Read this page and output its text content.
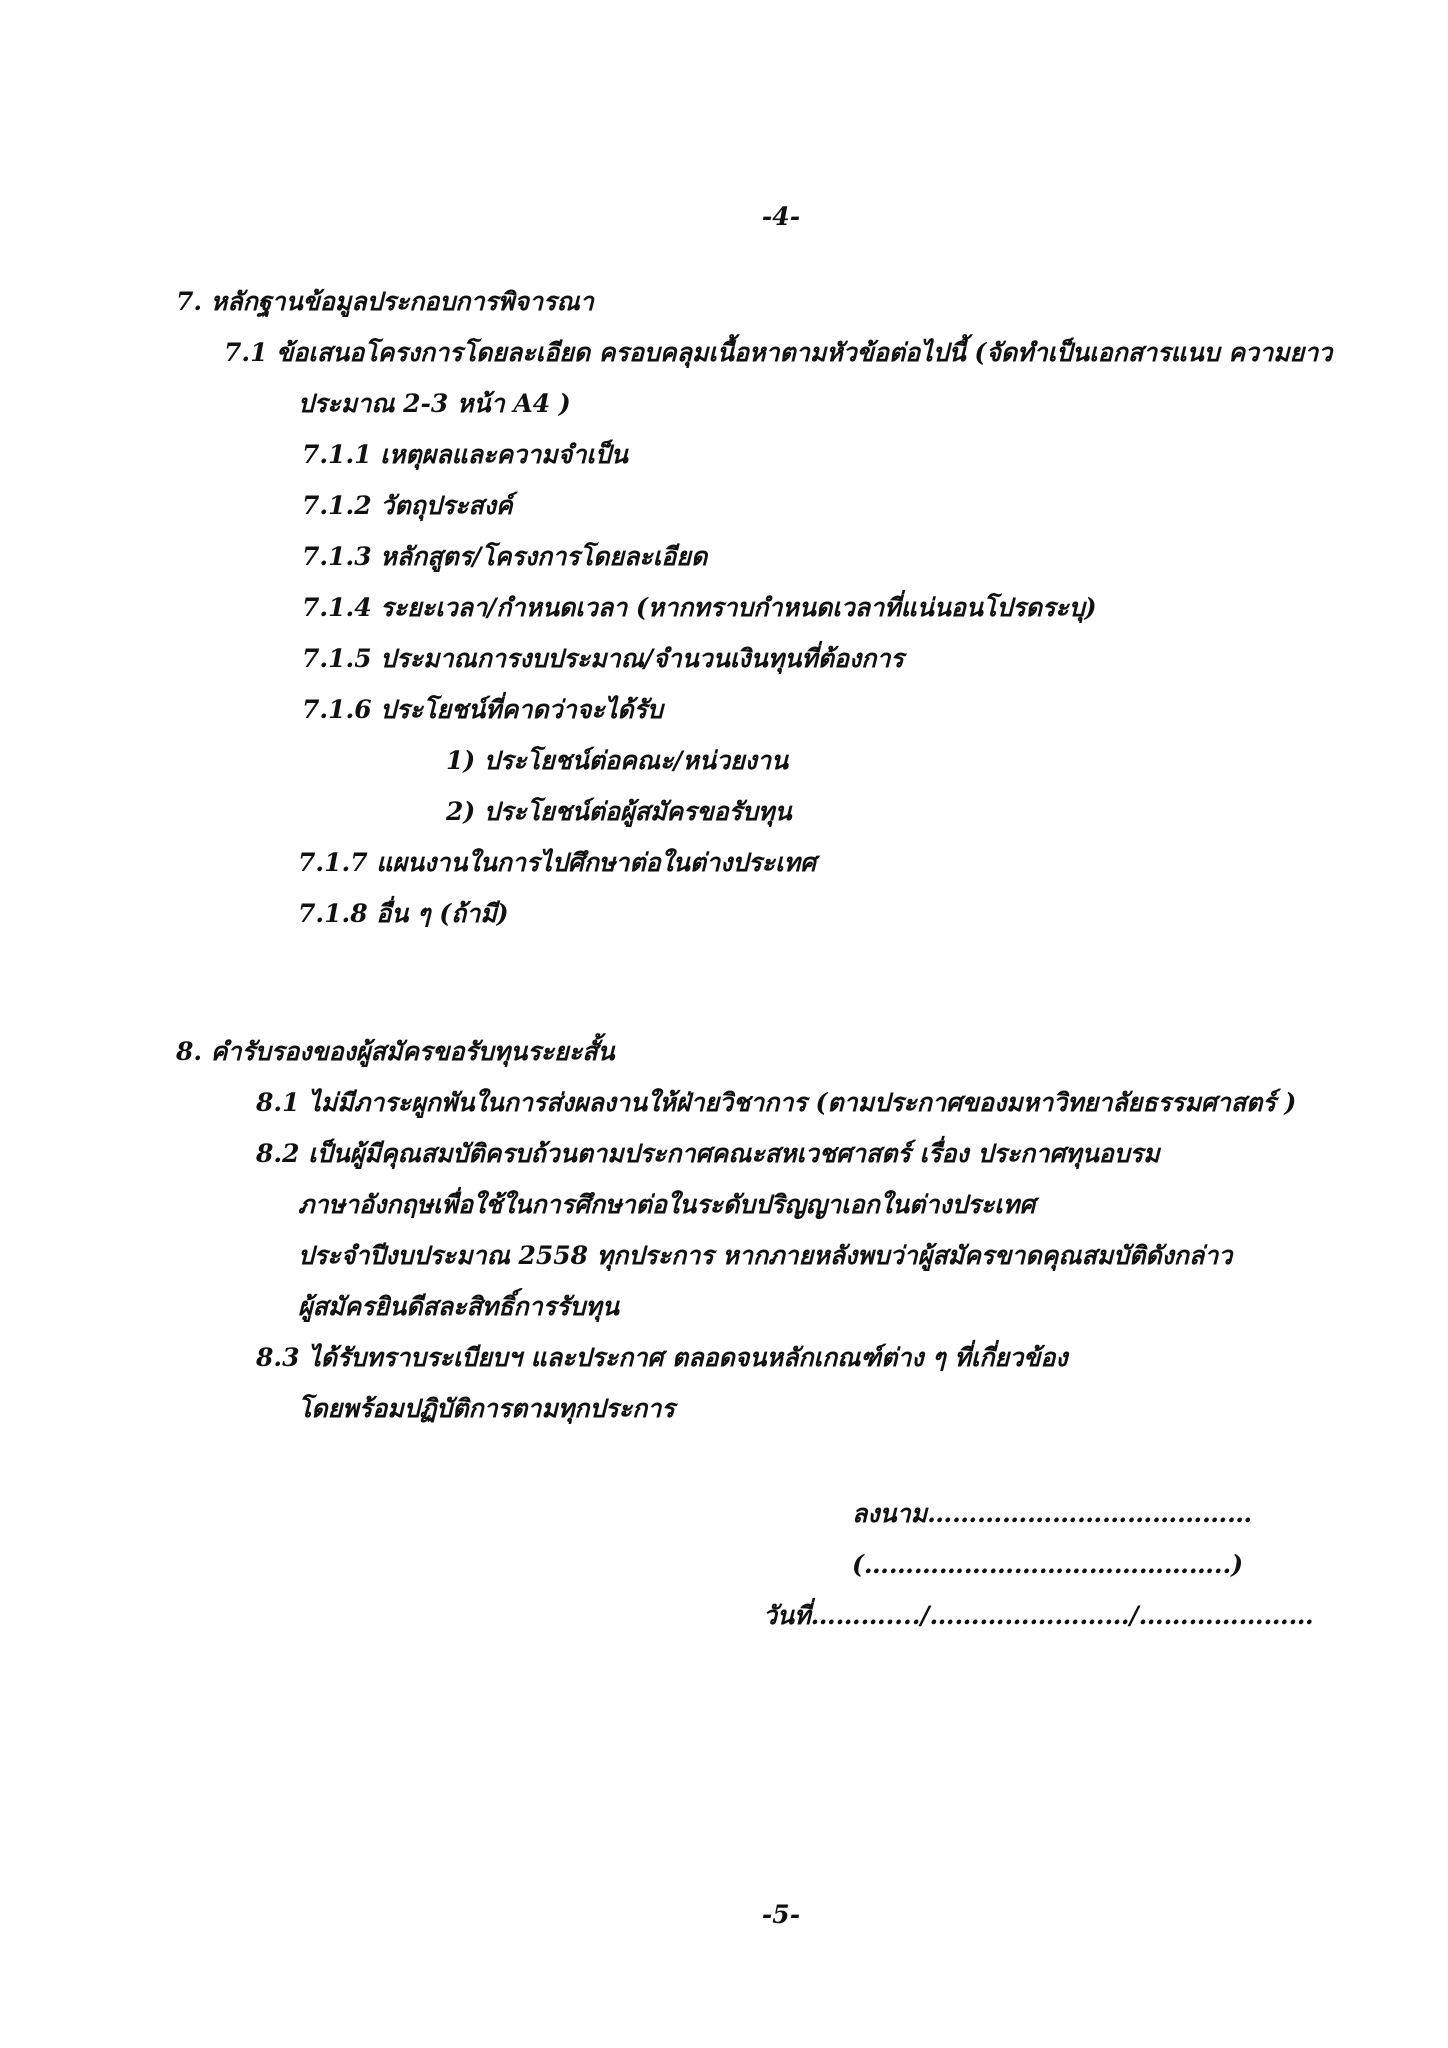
-4-
7. หลักฐานข้อมูลประกอบการพิจารณา
7.1 ข้อเสนอโครงการโดยละเอียด ครอบคลุมเนื้อหาตามหัวข้อต่อไปนี้ (จัดทำเป็นเอกสารแนบ ความยาว
ประมาณ 2-3 หน้า A4 )
7.1.1 เหตุผลและความจำเป็น
7.1.2 วัตถุประสงค์
7.1.3 หลักสูตร/โครงการโดยละเอียด
7.1.4 ระยะเวลา/กำหนดเวลา (หากทราบกำหนดเวลาที่แน่นอนโปรดระบุ)
7.1.5 ประมาณการงบประมาณ/จำนวนเงินทุนที่ต้องการ
7.1.6 ประโยชน์ที่คาดว่าจะได้รับ
1) ประโยชน์ต่อคณะ/หน่วยงาน
2) ประโยชน์ต่อผู้สมัครขอรับทุน
7.1.7 แผนงานในการไปศึกษาต่อในต่างประเทศ
7.1.8 อื่น ๆ (ถ้ามี)
8. คำรับรองของผู้สมัครขอรับทุนระยะสั้น
8.1 ไม่มีภาระผูกพันในการส่งผลงานให้ฝ่ายวิชาการ (ตามประกาศของมหาวิทยาลัยธรรมศาสตร์ )
8.2 เป็นผู้มีคุณสมบัติครบถ้วนตามประกาศคณะสหเวชศาสตร์ เรื่อง ประกาศทุนอบรม
ภาษาอังกฤษเพื่อใช้ในการศึกษาต่อในระดับปริญญาเอกในต่างประเทศ
ประจำปีงบประมาณ 2558 ทุกประการ หากภายหลังพบว่าผู้สมัครขาดคุณสมบัติดังกล่าว
ผู้สมัครยินดีสละสิทธิ์การรับทุน
8.3 ได้รับทราบระเบียบฯ และประกาศ ตลอดจนหลักเกณฑ์ต่าง ๆ ที่เกี่ยวข้อง
โดยพร้อมปฏิบัติการตามทุกประการ
ลงนาม…………………………………
(……………………………………..)
วันที่………..../……………………/…………………
-5-
